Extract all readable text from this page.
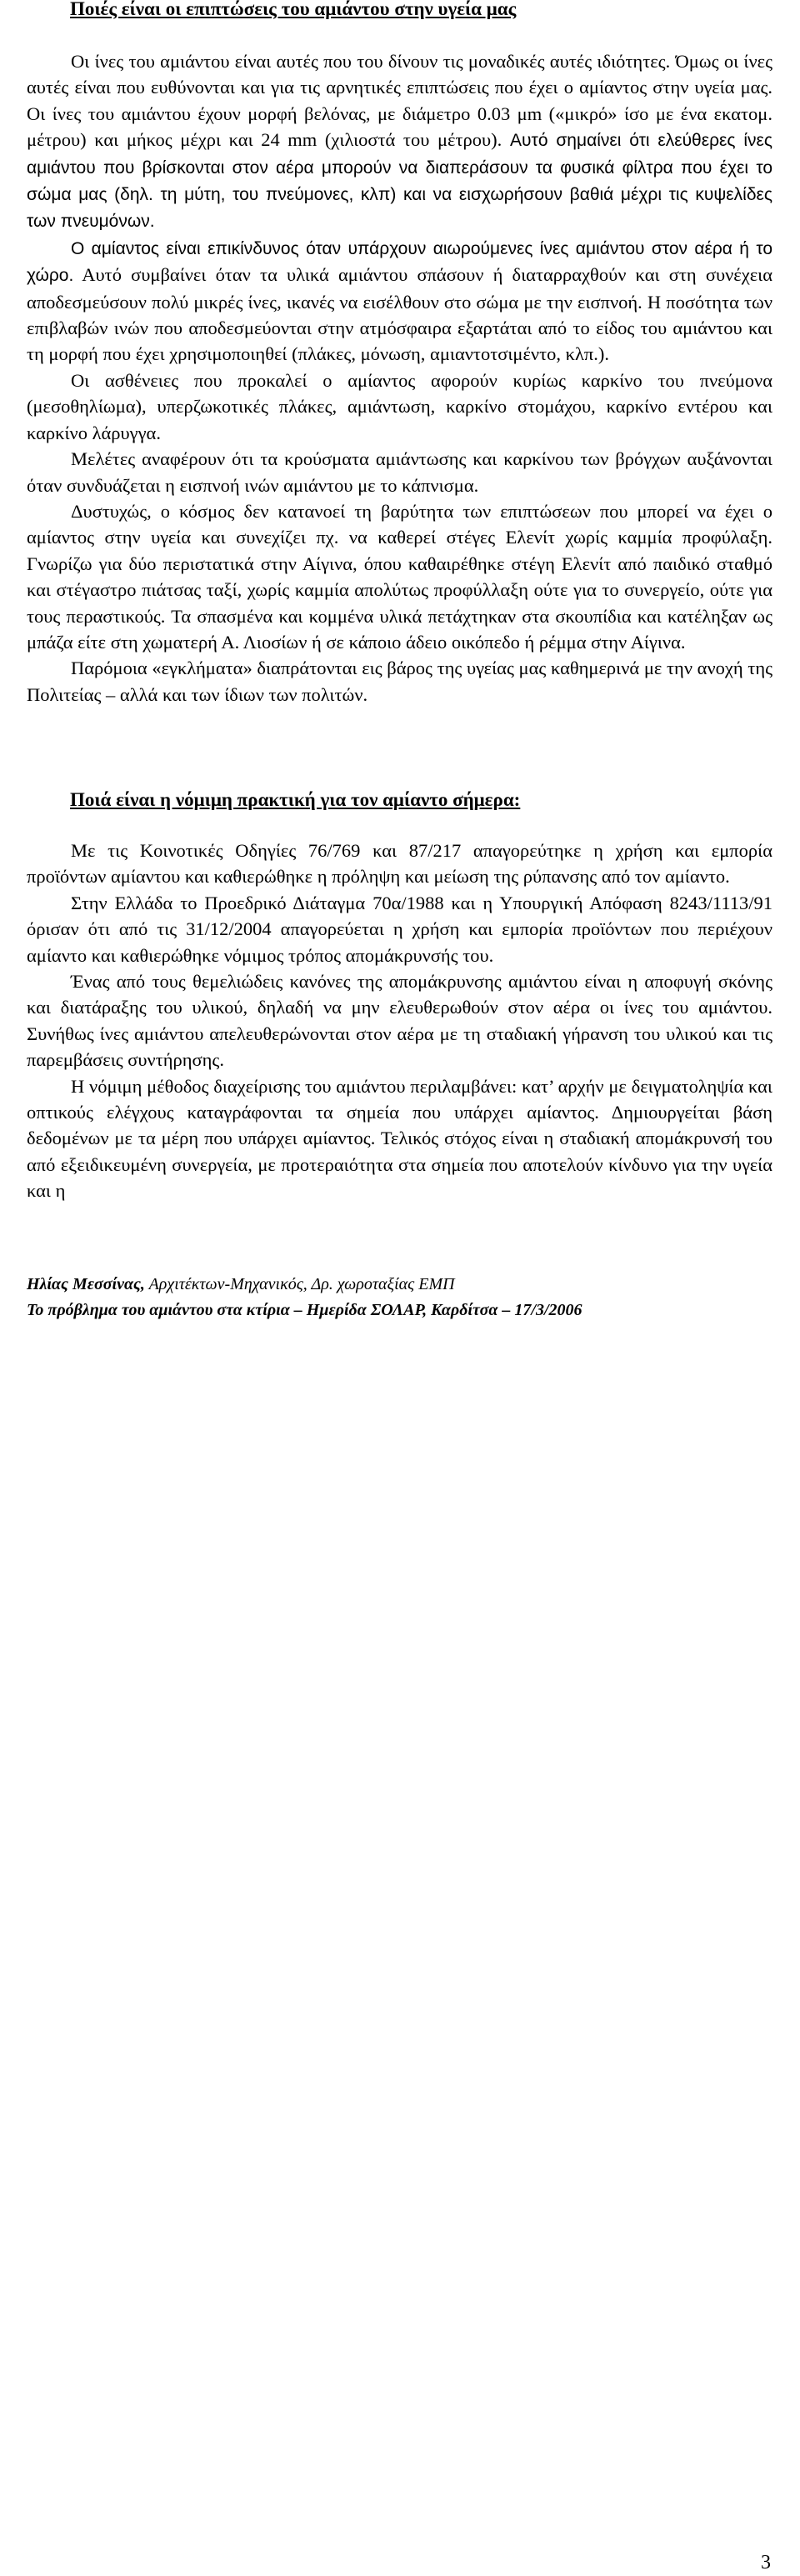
Ποιές είναι οι επιπτώσεις του αμιάντου στην υγεία μας

Οι ίνες του αμιάντου είναι αυτές που του δίνουν τις μοναδικές αυτές ιδιότητες. Όμως οι ίνες αυτές είναι που ευθύνονται και για τις αρνητικές επιπτώσεις που έχει ο αμίαντος στην υγεία μας. Οι ίνες του αμιάντου έχουν μορφή βελόνας, με διάμετρο 0.03 μm («μικρό» ίσο με ένα εκατομ. μέτρου) και μήκος μέχρι και 24 mm (χιλιοστά του μέτρου). Αυτό σημαίνει ότι ελεύθερες ίνες αμιάντου που βρίσκονται στον αέρα μπορούν να διαπεράσουν τα φυσικά φίλτρα που έχει το σώμα μας (δηλ. τη μύτη, του πνεύμονες, κλπ) και να εισχωρήσουν βαθιά μέχρι τις κυψελίδες των πνευμόνων.

Ο αμίαντος είναι επικίνδυνος όταν υπάρχουν αιωρούμενες ίνες αμιάντου στον αέρα ή το χώρο. Αυτό συμβαίνει όταν τα υλικά αμιάντου σπάσουν ή διαταρραχθούν και στη συνέχεια αποδεσμεύσουν πολύ μικρές ίνες, ικανές να εισέλθουν στο σώμα με την εισπνοή. Η ποσότητα των επιβλαβών ινών που αποδεσμεύονται στην ατμόσφαιρα εξαρτάται από το είδος του αμιάντου και τη μορφή που έχει χρησιμοποιηθεί (πλάκες, μόνωση, αμιαντοτσιμέντο, κλπ.).

Οι ασθένειες που προκαλεί ο αμίαντος αφορούν κυρίως καρκίνο του πνεύμονα (μεσοθηλίωμα), υπερζωκοτικές πλάκες, αμιάντωση, καρκίνο στομάχου, καρκίνο εντέρου και καρκίνο λάρυγγα.

Μελέτες αναφέρουν ότι τα κρούσματα αμιάντωσης και καρκίνου των βρόγχων αυξάνονται όταν συνδυάζεται η εισπνοή ινών αμιάντου με το κάπνισμα.

Δυστυχώς, ο κόσμος δεν κατανοεί τη βαρύτητα των επιπτώσεων που μπορεί να έχει ο αμίαντος στην υγεία και συνεχίζει πχ. να καθερεί στέγες Ελενίτ χωρίς καμμία προφύλαξη. Γνωρίζω για δύο περιστατικά στην Αίγινα, όπου καθαιρέθηκε στέγη Ελενίτ από παιδικό σταθμό και στέγαστρο πιάτσας ταξί, χωρίς καμμία απολύτως προφύλλαξη ούτε για το συνεργείο, ούτε για τους περαστικούς. Τα σπασμένα και κομμένα υλικά πετάχτηκαν στα σκουπίδια και κατέληξαν ως μπάζα είτε στη χωματερή Α. Λιοσίων ή σε κάποιο άδειο οικόπεδο ή ρέμμα στην Αίγινα.

Παρόμοια «εγκλήματα» διαπράτονται εις βάρος της υγείας μας καθημερινά με την ανοχή της Πολιτείας – αλλά και των ίδιων των πολιτών.

Ποιά είναι η νόμιμη πρακτική για τον αμίαντο σήμερα:

Με τις Κοινοτικές Οδηγίες 76/769 και 87/217 απαγορεύτηκε η χρήση και εμπορία προϊόντων αμίαντου και καθιερώθηκε η πρόληψη και μείωση της ρύπανσης από τον αμίαντο.

Στην Ελλάδα το Προεδρικό Διάταγμα 70α/1988 και η Υπουργική Απόφαση 8243/1113/91 όρισαν ότι από τις 31/12/2004 απαγορεύεται η χρήση και εμπορία προϊόντων που περιέχουν αμίαντο και καθιερώθηκε νόμιμος τρόπος απομάκρυνσής του.

Ένας από τους θεμελιώδεις κανόνες της απομάκρυνσης αμιάντου είναι η αποφυγή σκόνης και διατάραξης του υλικού, δηλαδή να μην ελευθερωθούν στον αέρα οι ίνες του αμιάντου. Συνήθως ίνες αμιάντου απελευθερώνονται στον αέρα με τη σταδιακή γήρανση του υλικού και τις παρεμβάσεις συντήρησης.

Η νόμιμη μέθοδος διαχείρισης του αμιάντου περιλαμβάνει: κατ’ αρχήν με δειγματοληψία και οπτικούς ελέγχους καταγράφονται τα σημεία που υπάρχει αμίαντος. Δημιουργείται βάση δεδομένων με τα μέρη που υπάρχει αμίαντος. Τελικός στόχος είναι η σταδιακή απομάκρυνσή του από εξειδικευμένη συνεργεία, με προτεραιότητα στα σημεία που αποτελούν κίνδυνο για την υγεία και η

Ηλίας Μεσσίνας, Αρχιτέκτων-Μηχανικός, Δρ. χωροταξίας ΕΜΠ
Το πρόβλημα του αμιάντου στα κτίρια – Ημερίδα ΣΟΛΑΡ, Καρδίτσα – 17/3/2006
3
